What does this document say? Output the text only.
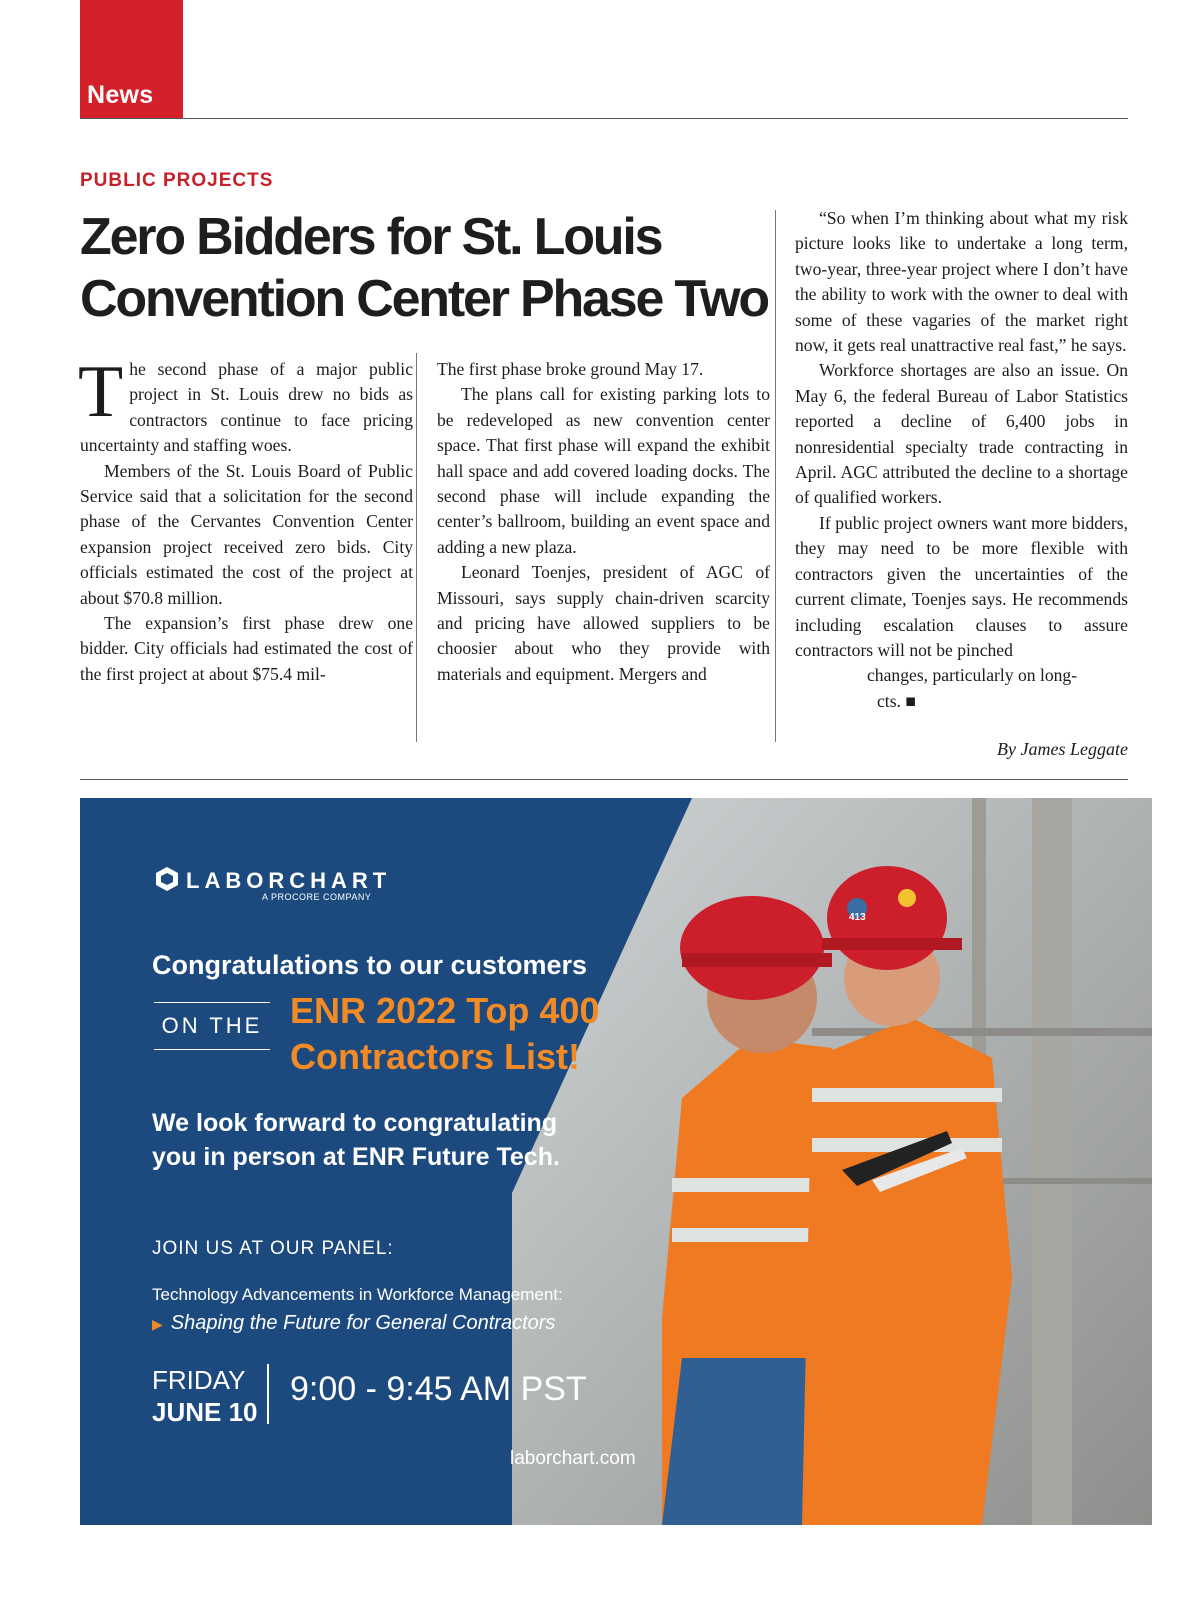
News
PUBLIC PROJECTS
Zero Bidders for St. Louis
Convention Center Phase Two

The second phase of a major public project in St. Louis drew no bids as contractors continue to face pricing uncertainty and staffing woes.

Members of the St. Louis Board of Public Service said that a solicitation for the second phase of the Cervantes Convention Center expansion project received zero bids. City officials estimated the cost of the project at about $70.8 million.

The expansion’s first phase drew one bidder. City officials had estimated the cost of the first project at about $75.4 mil-

The first phase broke ground May 17.

The plans call for existing parking lots to be redeveloped as new convention center space. That first phase will expand the exhibit hall space and add covered loading docks. The second phase will include expanding the center’s ballroom, building an event space and adding a new plaza.

Leonard Toenjes, president of AGC of Missouri, says supply chain-driven scarcity and pricing have allowed suppliers to be choosier about who they provide with materials and equipment. Mergers and

“So when I’m thinking about what my risk picture looks like to undertake a long term, two-year, three-year project where I don’t have the ability to work with the owner to deal with some of these vagaries of the market right now, it gets real unattractive real fast,” he says.

Workforce shortages are also an issue. On May 6, the federal Bureau of Labor Statistics reported a decline of 6,400 jobs in nonresidential specialty trade contracting in April. AGC attributed the decline to a shortage of qualified workers.

If public project owners want more bidders, they may need to be more flexible with contractors given the uncertainties of the current climate, Toenjes says. He recommends including escalation clauses to assure contractors will not be pinched

changes, particularly on long-

cts. ■

By James Leggate
413
LABORCHART
A PROCORE COMPANY
Congratulations to our customers
ON THE ENR 2022 Top 400
Contractors List!
We look forward to congratulating
you in person at ENR Future Tech.
JOIN US AT OUR PANEL:
Technology Advancements in Workforce Management:
▶ Shaping the Future for General Contractors
FRIDAY
JUNE 10
9:00 - 9:45 AM PST
laborchart.com
